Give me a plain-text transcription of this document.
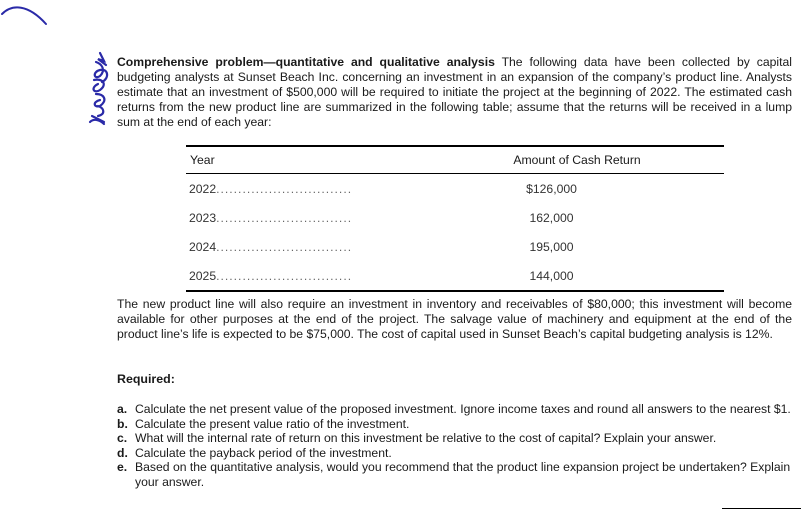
Comprehensive problem—quantitative and qualitative analysis The following data have been collected by capital budgeting analysts at Sunset Beach Inc. concerning an investment in an expansion of the company’s product line. Analysts estimate that an investment of $500,000 will be required to initiate the project at the beginning of 2022. The estimated cash returns from the new product line are summarized in the following table; assume that the returns will be received in a lump sum at the end of each year:
Year	Amount of Cash Return
2022...............................	$126,000
2023...............................	162,000
2024...............................	195,000
2025...............................	144,000
The new product line will also require an investment in inventory and receivables of $80,000; this investment will become available for other purposes at the end of the project. The salvage value of machinery and equipment at the end of the product line’s life is expected to be $75,000. The cost of capital used in Sunset Beach’s capital budgeting analysis is 12%.
Required:
a. Calculate the net present value of the proposed investment. Ignore income taxes and round all answers to the nearest $1.
b. Calculate the present value ratio of the investment.
c. What will the internal rate of return on this investment be relative to the cost of capital? Explain your answer.
d. Calculate the payback period of the investment.
e. Based on the quantitative analysis, would you recommend that the product line expansion project be undertaken? Explain your answer.
